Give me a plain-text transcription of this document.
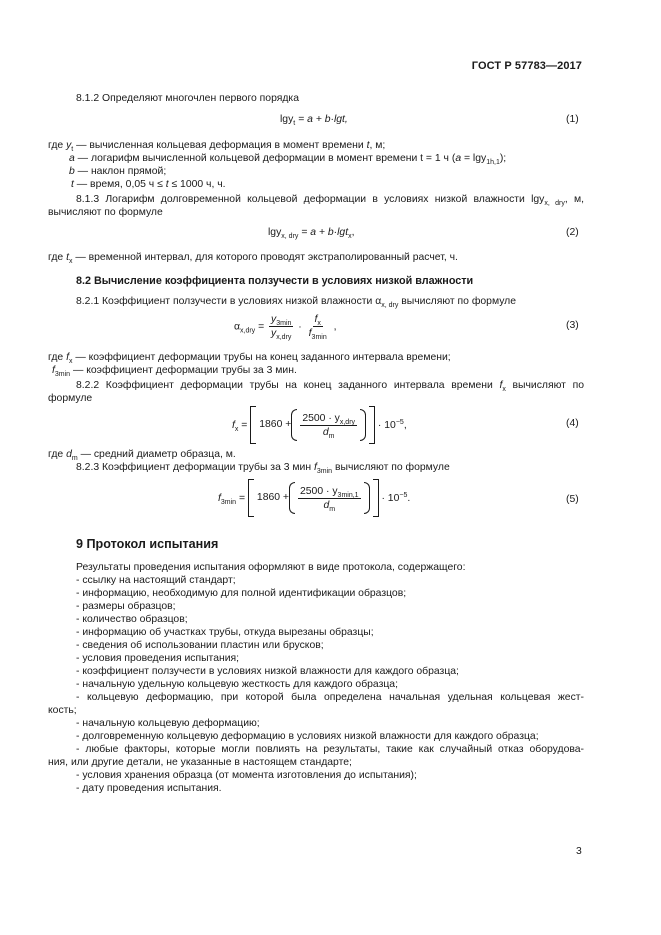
ГОСТ Р 57783—2017
8.1.2 Определяют многочлен первого порядка
lgy$_t$ = a + b·lgt,	(1)
где $y_t$ — вычисленная кольцевая деформация в момент времени t, м;
a — логарифм вычисленной кольцевой деформации в момент времени t = 1 ч (a = lgy$_{1h,1}$);
b — наклон прямой;
t — время, 0,05 ч ≤ t ≤ 1000 ч, ч.
8.1.3 Логарифм долговременной кольцевой деформации в условиях низкой влажности lgy$_{x, dry}$, м,
вычисляют по формуле
lgy$_{x, dry}$ = a + b·lgt$_x$,	(2)
где $t_x$ — временной интервал, для которого проводят экстраполированный расчет, ч.
8.2 Вычисление коэффициента ползучести в условиях низкой влажности
8.2.1 Коэффициент ползучести в условиях низкой влажности $\alpha_{x, dry}$ вычисляют по формуле
$\alpha_{x,dry} = \frac{y_{3min}}{y_{x,dry}} \cdot \frac{f_x}{f_{3min}}$ ,	(3)
где $f_x$ — коэффициент деформации трубы на конец заданного интервала времени;
$f_{3min}$ — коэффициент деформации трубы за 3 мин.
8.2.2 Коэффициент деформации трубы на конец заданного интервала времени $f_x$ вычисляют по
формуле
$f_x = 1860 + \frac{2500 \cdot y_{x,dry}}{d_m} \cdot 10^{-5}$,	(4)
где $d_m$ — средний диаметр образца, м.
8.2.3 Коэффициент деформации трубы за 3 мин $f_{3min}$ вычисляют по формуле
$f_{3min} = 1860 + \frac{2500 \cdot y_{3min,1}}{d_m} \cdot 10^{-5}$.	(5)
9 Протокол испытания
Результаты проведения испытания оформляют в виде протокола, содержащего:
- ссылку на настоящий стандарт;
- информацию, необходимую для полной идентификации образцов;
- размеры образцов;
- количество образцов;
- информацию об участках трубы, откуда вырезаны образцы;
- сведения об использовании пластин или брусков;
- условия проведения испытания;
- коэффициент ползучести в условиях низкой влажности для каждого образца;
- начальную удельную кольцевую жесткость для каждого образца;
- кольцевую деформацию, при которой была определена начальная удельная кольцевая жест-
кость;
- начальную кольцевую деформацию;
- долговременную кольцевую деформацию в условиях низкой влажности для каждого образца;
- любые факторы, которые могли повлиять на результаты, такие как случайный отказ оборудова-
ния, или другие детали, не указанные в настоящем стандарте;
- условия хранения образца (от момента изготовления до испытания);
- дату проведения испытания.
3
